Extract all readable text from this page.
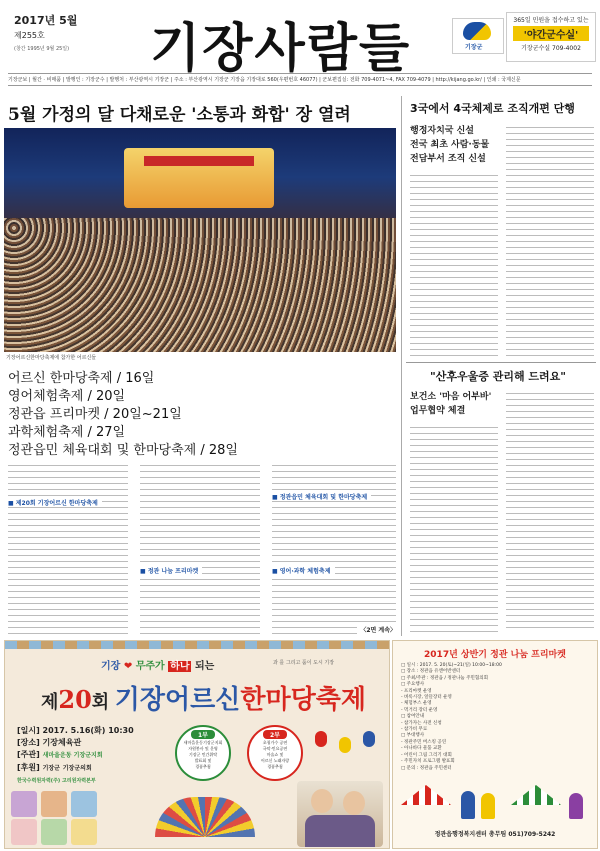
2017년 5월
제255호
(창간 1995년 9월 25일) 기장사람들	기장군
365일 민원을 접수하고 있는
'야간군수실'
기장군수실 709-4002
기장군보 | 월간 · 비매품 | 발행인 : 기장군수 | 발행처 : 부산광역시 기장군 | 주소 : 부산광역시 기장군 기장읍 기장대로 560(우편번호 46077) | 군보편집실: 전화 709-4071~4, FAX 709-4079 | http://kijang.go.kr/ | 인쇄 : 국제신문
5월 가정의 달 다채로운 '소통과 화합' 장 열려
기장어르신한마당축제에 참가한 어르신들
어르신 한마당축제 / 16일
영어체험축제 / 20일
정관읍 프리마켓 / 20일~21일
과학체험축제 / 27일
정관읍민 체육대회 및 한마당축제 / 28일
■ 제20회 기장어르신 한마당축제
■ 정관 나눔 프리마켓
■ 정관읍민 체육대회 및 한마당축제
■ 영어·과학 체험축제
〈2면 계속〉
3국에서 4국체제로 조직개편 단행
행정자치국 신설
전국 최초 사람·동물
전담부서 조직 신설
"산후우울증 관리해 드려요"
보건소 '마음 어부바'
업무협약 체결
기장 ❤ 무주가 하나 되는	과 를 그리고 품이 도시 기장
제20회 기장어르신한마당축제
[일시] 2017. 5.16(화) 10:30
[장소] 기장체육관
[주관] 새마을운동 기장군지회
[후원] 기장군 기장군의회
한국수력원자력(주) 고리원자력본부
1부
새마을운동기장군지회
자원봉사 및 운영
기장군 민간위탁
발표회 및
경품추첨
2부
초청가수 공연
국악·민요공연
마술쇼 및
어르신 노래자랑
경품추첨
2017년 상반기 정관 나눔 프리마켓
□ 일시 : 2017. 5. 20(토)~21(일) 10:00~18:00
□ 장소 : 정관읍 유앤어반센터
□ 주최/주관 : 정관읍 / 정관나눔 주민협의회
□ 주요행사
- 프리마켓 운영
- 벼룩시장, 알뜰장터 운영
- 체험부스 운영
- 먹거리 장터 운영
□ 참여안내
- 참가자는 사전 신청
- 참가비 무료
□ 부대행사
- 정관주민 버스킹 공연
- 아나바다 물품 교환
- 어린이 그림 그리기 대회
- 주민자치 프로그램 발표회
□ 문의 : 정관읍 주민센터
정관읍행정복지센터 총무팀 051)709-5242
